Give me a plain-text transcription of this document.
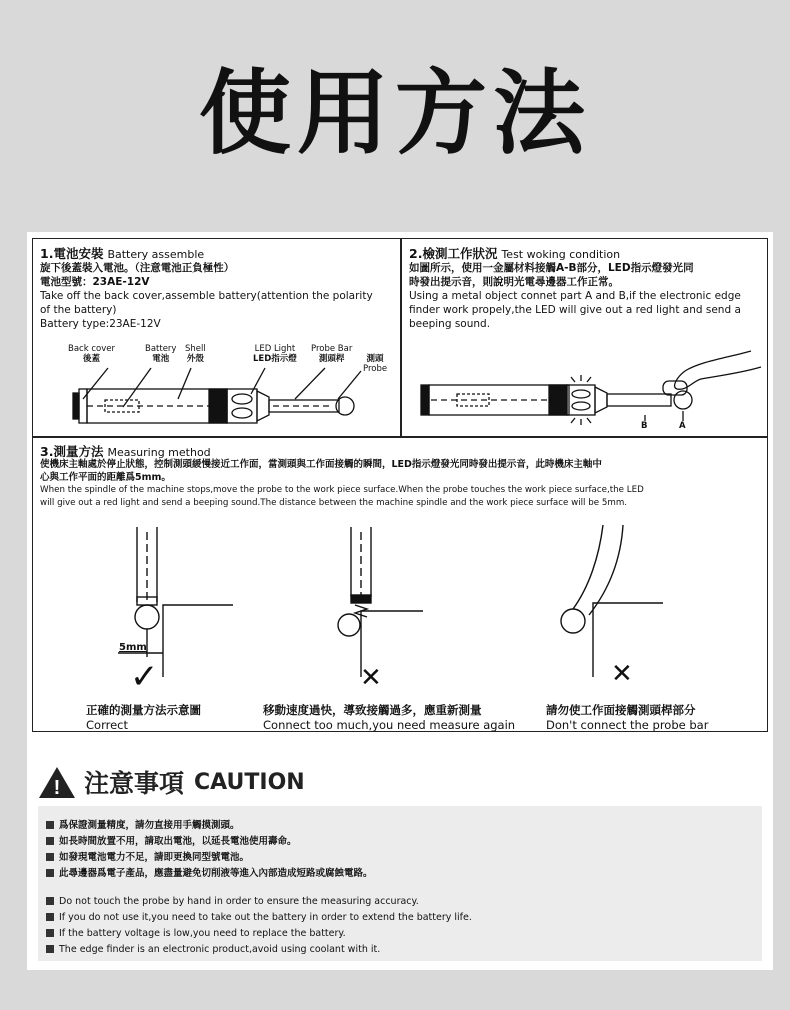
使用方法
1.電池安裝 Battery assemble
旋下後蓋裝入電池。（注意電池正負極性）
電池型號：23AE-12V
Take off the back cover,assemble battery(attention the polarity
of the battery)
Battery type:23AE-12V
Back cover
後蓋
Battery
電池
Shell
外殼
LED Light
LED指示燈
Probe Bar
測頭桿	測頭
Probe
2.檢測工作狀況 Test woking condition
如圖所示，使用一金屬材料接觸A-B部分，LED指示燈發光同
時發出提示音，則說明光電尋邊器工作正常。
Using a metal object connet part A and B,if the electronic edge
finder work propely,the LED will give out a red light and send a
beeping sound.
B	A
3.測量方法 Measuring method
使機床主軸處於停止狀態，控制測頭緩慢接近工作面，當測頭與工作面接觸的瞬間，LED指示燈發光同時發出提示音，此時機床主軸中
心與工作平面的距離爲5mm。
When the spindle of the machine stops,move the probe to the work piece surface.When the probe touches the work piece surface,the LED
will give out a red light and send a beeping sound.The distance between the machine spindle and the work piece surface will be 5mm.
5mm
✓	✕	✕
正確的測量方法示意圖
Correct
移動速度過快，導致接觸過多，應重新測量
Connect too much,you need measure again
請勿使工作面接觸測頭桿部分
Don't connect the probe bar
! 注意事項 CAUTION
爲保證測量精度，請勿直接用手觸摸測頭。
如長時間放置不用，請取出電池，以延長電池使用壽命。
如發現電池電力不足，請即更換同型號電池。
此尋邊器爲電子產品，應盡量避免切削液等進入內部造成短路或腐蝕電路。
Do not touch the probe by hand in order to ensure the measuring accuracy.
If you do not use it,you need to take out the battery in order to extend the battery life.
If the battery voltage is low,you need to replace the battery.
The edge finder is an electronic product,avoid using coolant with it.
